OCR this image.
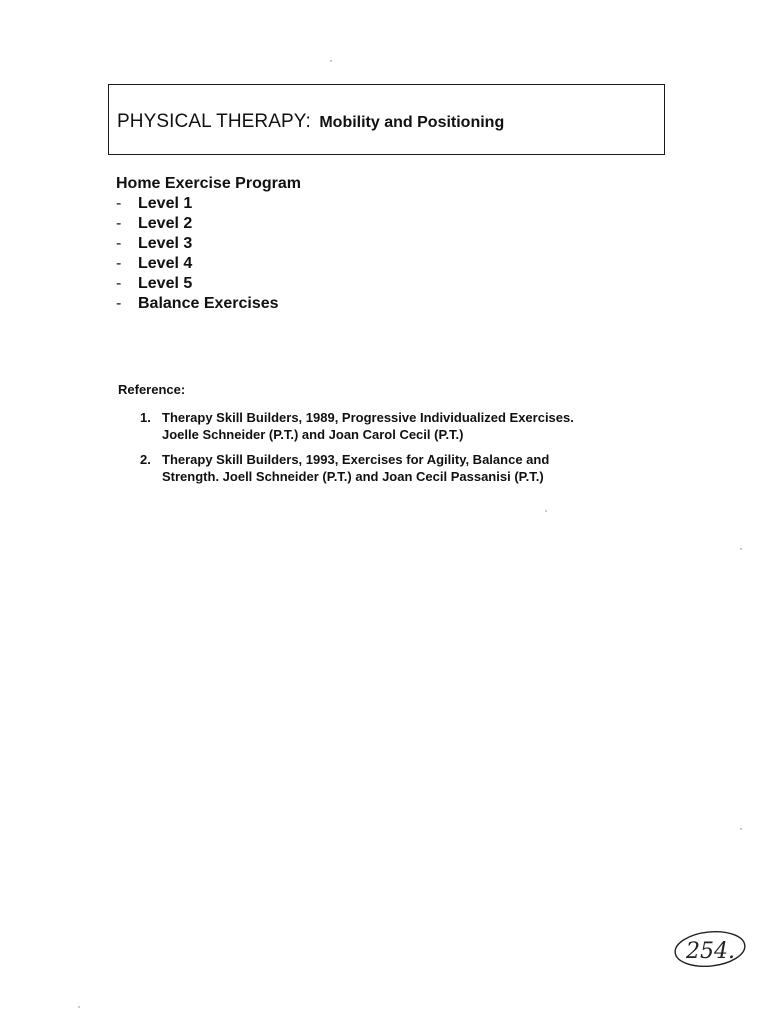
PHYSICAL THERAPY: Mobility and Positioning
Home Exercise Program
- Level 1
- Level 2
- Level 3
- Level 4
- Level 5
- Balance Exercises
Reference:
1. Therapy Skill Builders, 1989, Progressive Individualized Exercises.
Joelle Schneider (P.T.) and Joan Carol Cecil (P.T.)
2. Therapy Skill Builders, 1993, Exercises for Agility, Balance and
Strength. Joell Schneider (P.T.) and Joan Cecil Passanisi (P.T.)
254.
